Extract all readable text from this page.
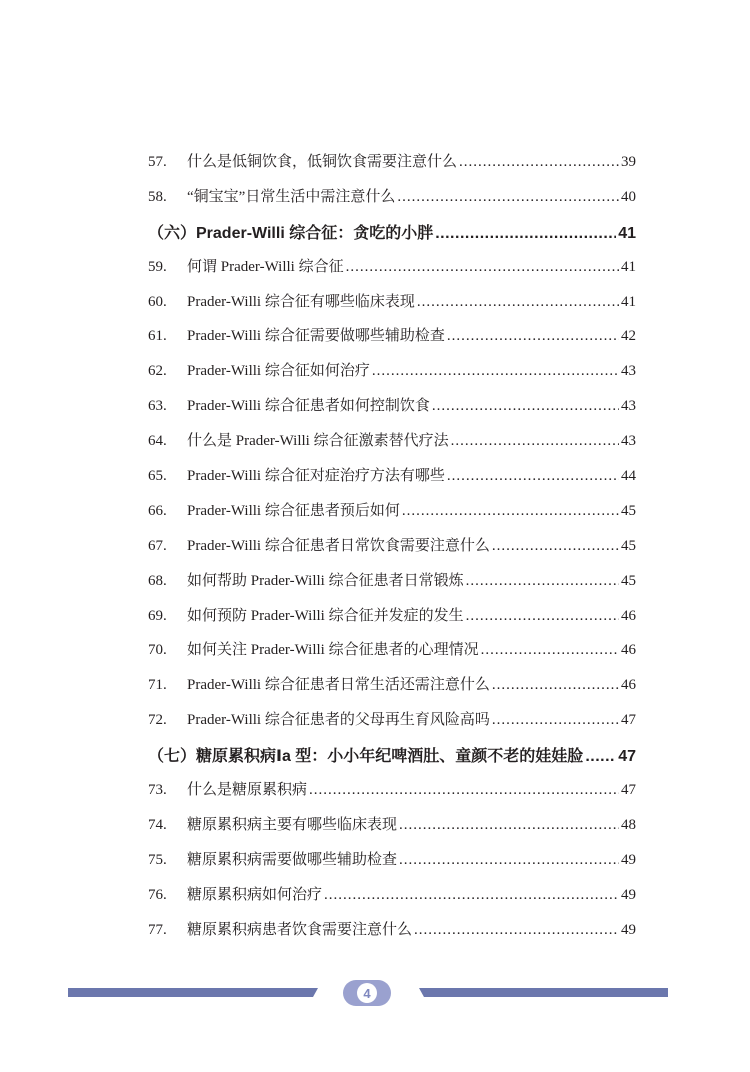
57.	什么是低铜饮食，低铜饮食需要注意什么 .....	39
58.	“铜宝宝”日常生活中需注意什么 .....	40
（六）Prader-Willi 综合征：贪吃的小胖 .....	41
59.	何谓 Prader-Willi 综合征 .....	41
60.	Prader-Willi 综合征有哪些临床表现 .....	41
61.	Prader-Willi 综合征需要做哪些辅助检查 .....	42
62.	Prader-Willi 综合征如何治疗 .....	43
63.	Prader-Willi 综合征患者如何控制饮食 .....	43
64.	什么是 Prader-Willi 综合征激素替代疗法 .....	43
65.	Prader-Willi 综合征对症治疗方法有哪些 .....	44
66.	Prader-Willi 综合征患者预后如何 .....	45
67.	Prader-Willi 综合征患者日常饮食需要注意什么 .....	45
68.	如何帮助 Prader-Willi 综合征患者日常锻炼 .....	45
69.	如何预防 Prader-Willi 综合征并发症的发生 .....	46
70.	如何关注 Prader-Willi 综合征患者的心理情况 .....	46
71.	Prader-Willi 综合征患者日常生活还需注意什么 .....	46
72.	Prader-Willi 综合征患者的父母再生育风险高吗 .....	47
（七）糖原累积病Ⅰa 型：小小年纪啤酒肚、童颜不老的娃娃脸 ..... 47
73.	什么是糖原累积病 .....	47
74.	糖原累积病主要有哪些临床表现 .....	48
75.	糖原累积病需要做哪些辅助检查 .....	49
76.	糖原累积病如何治疗 .....	49
77.	糖原累积病患者饮食需要注意什么 .....	49
4
